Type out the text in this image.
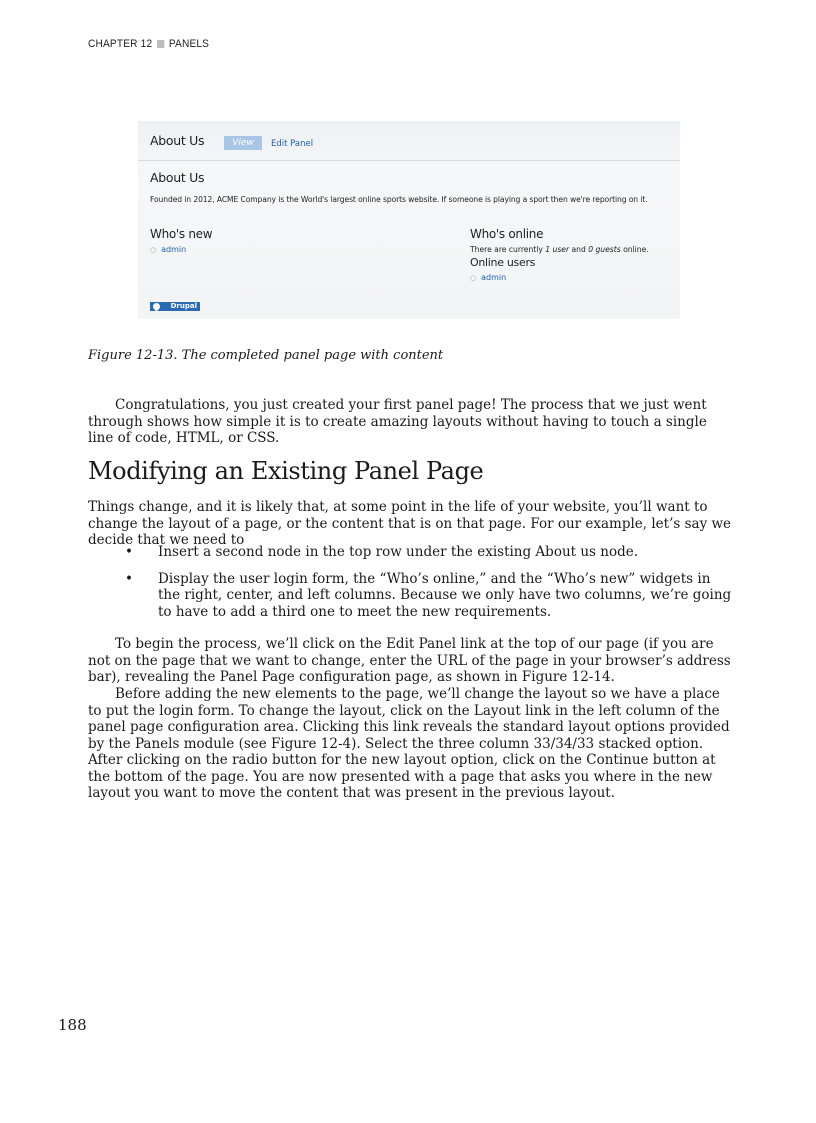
CHAPTER 12 PANELS
About Us	View	Edit Panel
About Us
Founded in 2012, ACME Company is the World's largest online sports website. If someone is playing a sport then we're reporting on it.
Who's new
○ admin
Who's online
There are currently 1 user and 0 guests online.
Online users
○ admin
Drupal
Figure 12-13. The completed panel page with content

Congratulations, you just created your first panel page! The process that we just went through shows how simple it is to create amazing layouts without having to touch a single line of code, HTML, or CSS.

Modifying an Existing Panel Page

Things change, and it is likely that, at some point in the life of your website, you’ll want to change the layout of a page, or the content that is on that page. For our example, let’s say we decide that we need to

• Insert a second node in the top row under the existing About us node.
• Display the user login form, the “Who’s online,” and the “Who’s new” widgets in the right, center, and left columns. Because we only have two columns, we’re going to have to add a third one to meet the new requirements.

To begin the process, we’ll click on the Edit Panel link at the top of our page (if you are not on the page that we want to change, enter the URL of the page in your browser’s address bar), revealing the Panel Page configuration page, as shown in Figure 12-14.

Before adding the new elements to the page, we’ll change the layout so we have a place to put the login form. To change the layout, click on the Layout link in the left column of the panel page configuration area. Clicking this link reveals the standard layout options provided by the Panels module (see Figure 12-4). Select the three column 33/34/33 stacked option. After clicking on the radio button for the new layout option, click on the Continue button at the bottom of the page. You are now presented with a page that asks you where in the new layout you want to move the content that was present in the previous layout.

188
